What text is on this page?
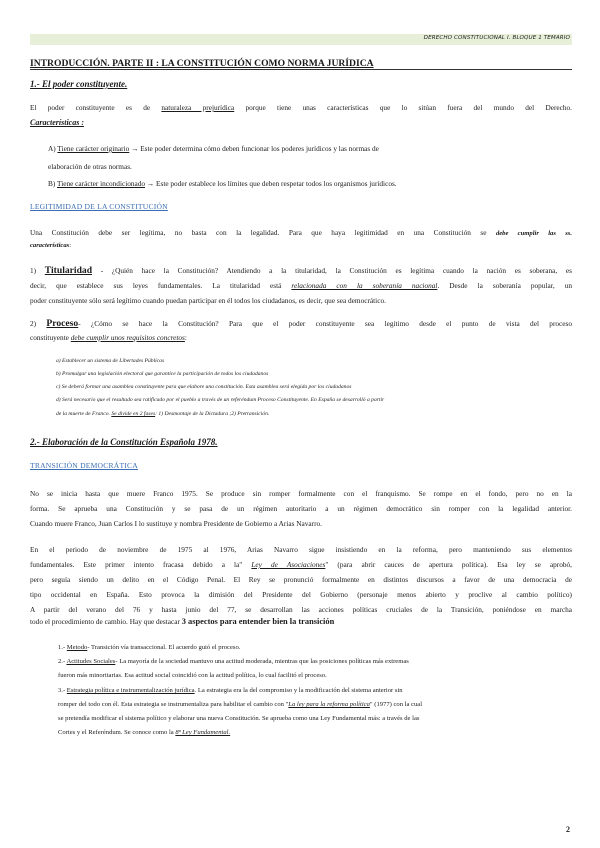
DERECHO CONSTITUCIONAL I. BLOQUE 1 TEMARIO
INTRODUCCIÓN. PARTE II : LA CONSTITUCIÓN COMO NORMA JURÍDICA
1.- El poder constituyente.
El poder constituyente es de naturaleza prejurídica porque tiene unas características que lo sitúan fuera del mundo del Derecho.
Características :
A) Tiene carácter originario → Este poder determina cómo deben funcionar los poderes jurídicos y las normas de
elaboración de otras normas.
B) Tiene carácter incondicionado → Este poder establece los límites que deben respetar todos los organismos jurídicos.
LEGITIMIDAD DE LA CONSTITUCIÓN
Una Constitución debe ser legítima, no basta con la legalidad. Para que haya legitimidad en una Constitución se debe cumplir las ss.
características:
1) Titularidad - ¿Quién hace la Constitución? Atendiendo a la titularidad, la Constitución es legítima cuando la nación es soberana, es
decir, que establece sus leyes fundamentales. La titularidad está relacionada con la soberanía nacional. Desde la soberanía popular, un
poder constituyente sólo será legítimo cuando puedan participar en él todos los ciudadanos, es decir, que sea democrático.
2) Proceso- ¿Cómo se hace la Constitución? Para que el poder constituyente sea legítimo desde el punto de vista del proceso
constituyente debe cumplir unos requisitos concretos:
a) Establecer un sistema de Libertades Públicas
b) Promulgar una legislación electoral que garantice la participación de todos los ciudadanos
c) Se deberá formar una asamblea constituyente para que elabore una constitución. Esta asamblea será elegida por los ciudadanos
d) Será necesario que el resultado sea ratificado por el pueblo a través de un referéndum Proceso Constituyente. En España se desarrolló a partir
de la muerte de Franco. Se divide en 2 fases: 1) Desmontaje de la Dictadura ;2) Pretransición.
2.- Elaboración de la Constitución Española 1978.
TRANSICIÓN DEMOCRÁTICA
No se inicia hasta que muere Franco 1975. Se produce sin romper formalmente con el franquismo. Se rompe en el fondo, pero no en la
forma. Se aprueba una Constitución y se pasa de un régimen autoritario a un régimen democrático sin romper con la legalidad anterior.
Cuando muere Franco, Juan Carlos I lo sustituye y nombra Presidente de Gobierno a Arias Navarro.
En el periodo de noviembre de 1975 al 1976, Arias Navarro sigue insistiendo en la reforma, pero manteniendo sus elementos
fundamentales. Este primer intento fracasa debido a la" Ley de Asociaciones" (para abrir cauces de apertura política). Esa ley se aprobó,
pero seguía siendo un delito en el Código Penal. El Rey se pronunció formalmente en distintos discursos a favor de una democracia de
tipo occidental en España. Esto provoca la dimisión del Presidente del Gobierno (personaje menos abierto y proclive al cambio político)
A partir del verano del 76 y hasta junio del 77, se desarrollan las acciones políticas cruciales de la Transición, poniéndose en marcha
todo el procedimiento de cambio. Hay que destacar 3 aspectos para entender bien la transición
1.- Metodo- Transición vía transaccional. El acuerdo guió el proceso.
2.- Actitudes Sociales- La mayoría de la sociedad mantuvo una actitud moderada, mientras que las posiciones políticas más extremas
fueron más minoritarias. Esa actitud social coincidió con la actitud política, lo cual facilitó el proceso.
3.- Estrategia política e instrumentalización jurídica. La estrategia era la del compromiso y la modificación del sistema anterior sin
romper del todo con él. Esta estrategia se instrumentaliza para habilitar el cambio con "La ley para la reforma política" (1977) con la cual
se pretendía modificar el sistema político y elaborar una nueva Constitución. Se aprueba como una Ley Fundamental más: a través de las
Cortes y el Referéndum. Se conoce como la 8ª Ley Fundamental.
2
